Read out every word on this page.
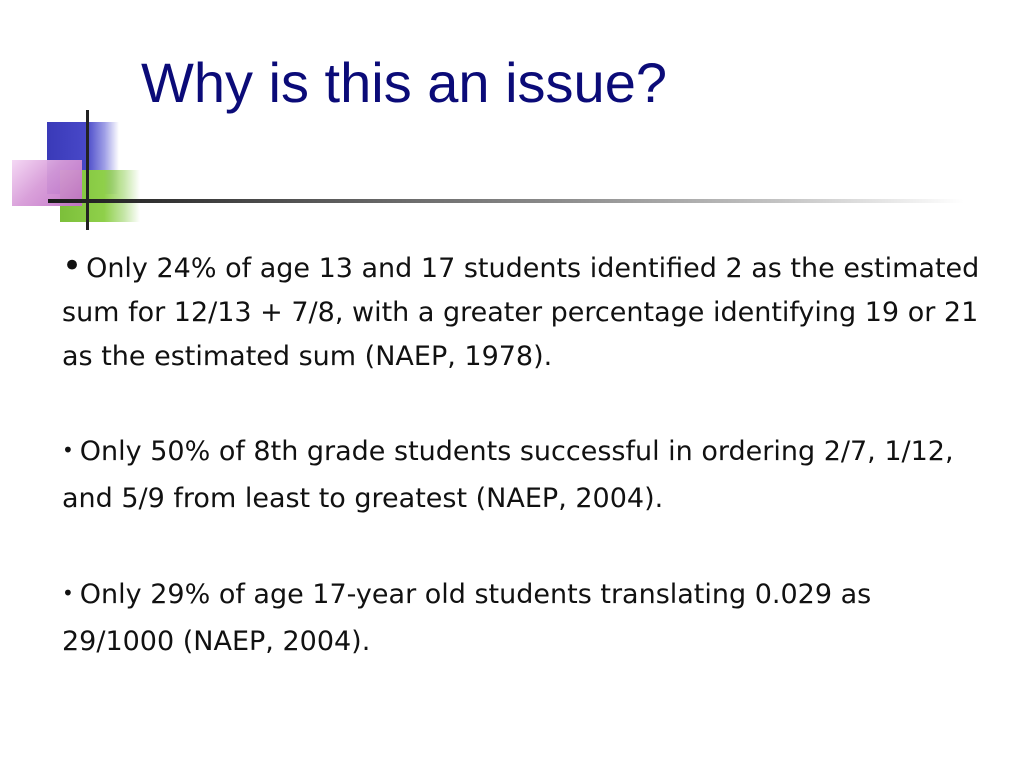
Why is this an issue?

• Only 24% of age 13 and 17 students identified 2 as the estimated sum for 12/13 + 7/8, with a greater percentage identifying 19 or 21 as the estimated sum (NAEP, 1978).

• Only 50% of 8th grade students successful in ordering 2/7, 1/12, and 5/9 from least to greatest (NAEP, 2004).

• Only 29% of age 17-year old students translating 0.029 as 29/1000 (NAEP, 2004).
